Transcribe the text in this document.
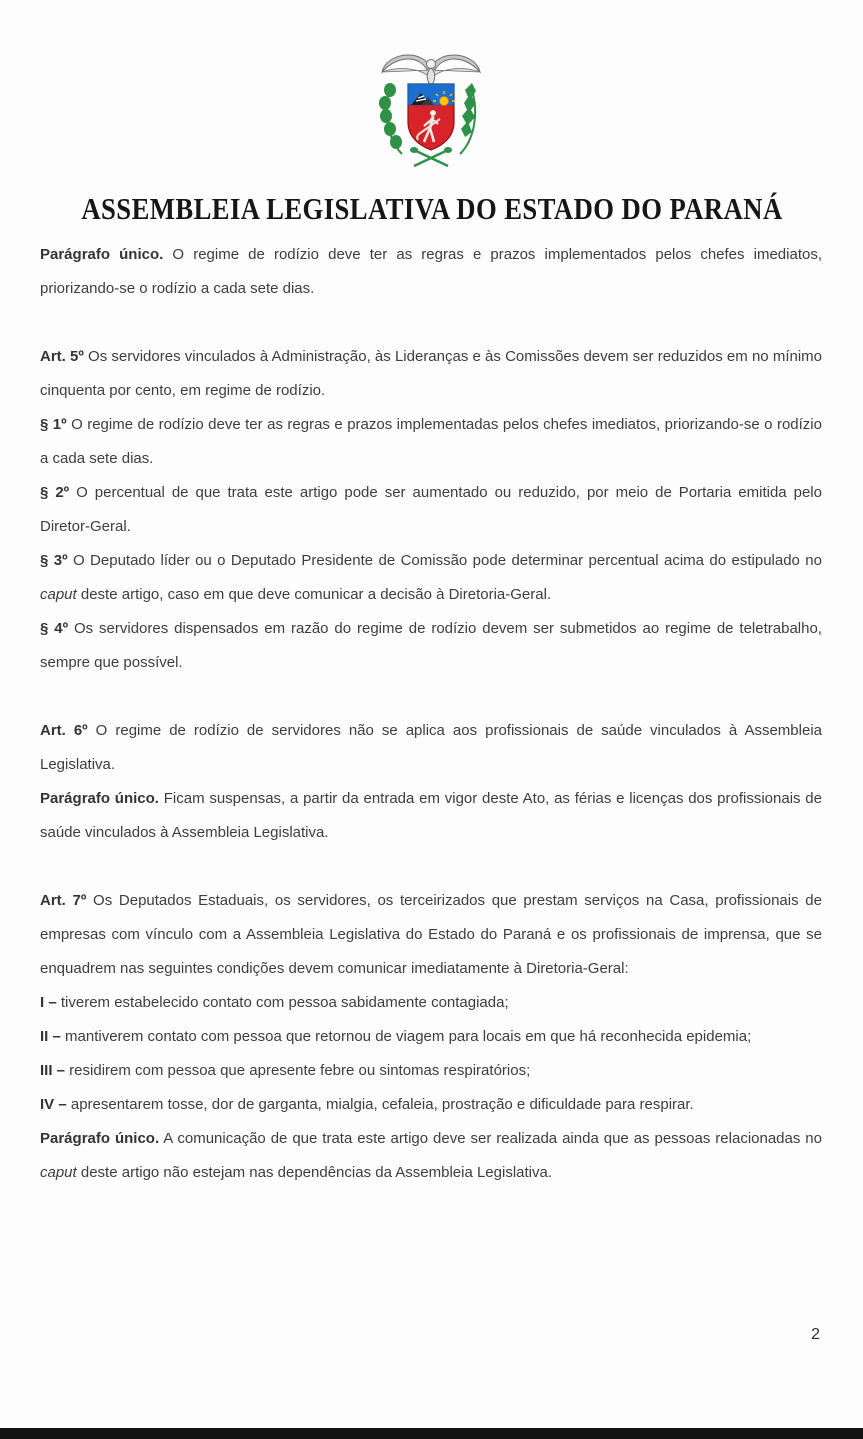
ASSEMBLEIA LEGISLATIVA DO ESTADO DO PARANÁ

Parágrafo único. O regime de rodízio deve ter as regras e prazos implementados pelos chefes imediatos, priorizando-se o rodízio a cada sete dias.

Art. 5º Os servidores vinculados à Administração, às Lideranças e às Comissões devem ser reduzidos em no mínimo cinquenta por cento, em regime de rodízio.

§ 1º O regime de rodízio deve ter as regras e prazos implementadas pelos chefes imediatos, priorizando-se o rodízio a cada sete dias.

§ 2º O percentual de que trata este artigo pode ser aumentado ou reduzido, por meio de Portaria emitida pelo Diretor-Geral.

§ 3º O Deputado líder ou o Deputado Presidente de Comissão pode determinar percentual acima do estipulado no caput deste artigo, caso em que deve comunicar a decisão à Diretoria-Geral.

§ 4º Os servidores dispensados em razão do regime de rodízio devem ser submetidos ao regime de teletrabalho, sempre que possível.

Art. 6º O regime de rodízio de servidores não se aplica aos profissionais de saúde vinculados à Assembleia Legislativa.

Parágrafo único. Ficam suspensas, a partir da entrada em vigor deste Ato, as férias e licenças dos profissionais de saúde vinculados à Assembleia Legislativa.

Art. 7º Os Deputados Estaduais, os servidores, os terceirizados que prestam serviços na Casa, profissionais de empresas com vínculo com a Assembleia Legislativa do Estado do Paraná e os profissionais de imprensa, que se enquadrem nas seguintes condições devem comunicar imediatamente à Diretoria-Geral:

I – tiverem estabelecido contato com pessoa sabidamente contagiada;

II – mantiverem contato com pessoa que retornou de viagem para locais em que há reconhecida epidemia;

III – residirem com pessoa que apresente febre ou sintomas respiratórios;

IV – apresentarem tosse, dor de garganta, mialgia, cefaleia, prostração e dificuldade para respirar.

Parágrafo único. A comunicação de que trata este artigo deve ser realizada ainda que as pessoas relacionadas no caput deste artigo não estejam nas dependências da Assembleia Legislativa.

2
